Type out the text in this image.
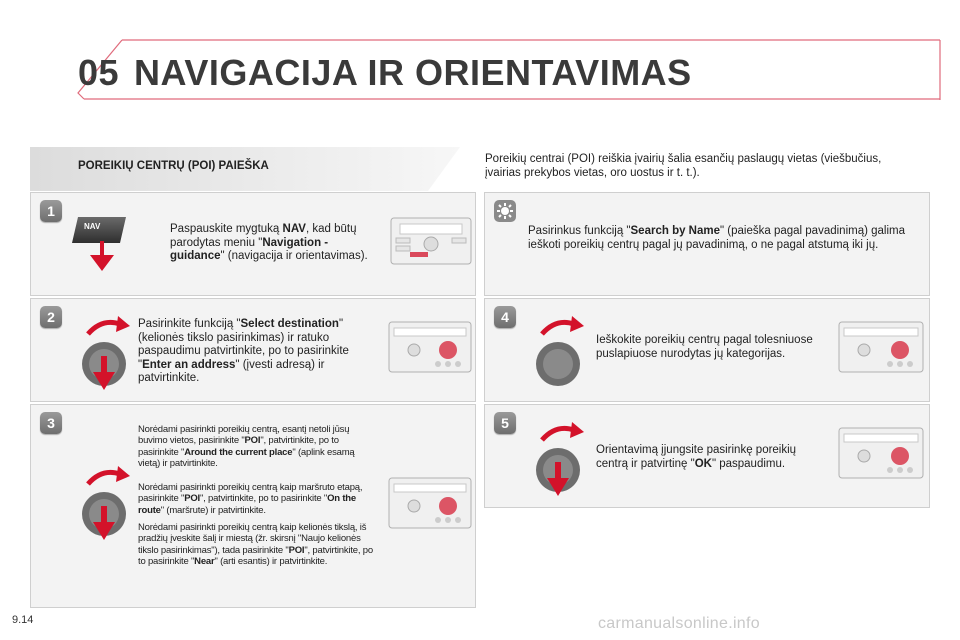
05 NAVIGACIJA IR ORIENTAVIMAS
POREIKIŲ CENTRŲ (POI) PAIEŠKA
Poreikių centrai (POI) reiškia įvairių šalia esančių paslaugų vietas (viešbučius, įvairias prekybos vietas, oro uostus ir t. t.).
1
NAV	Paspauskite mygtuką NAV, kad būtų parodytas meniu "Navigation - guidance" (navigacija ir orientavimas).
2	Pasirinkite funkciją "Select destination" (kelionės tikslo pasirinkimas) ir ratuko paspaudimu patvirtinkite, po to pasirinkite "Enter an address" (įvesti adresą) ir patvirtinkite.
3	Norėdami pasirinkti poreikių centrą, esantį netoli jūsų buvimo vietos, pasirinkite "POI", patvirtinkite, po to pasirinkite "Around the current place" (aplink esamą vietą) ir patvirtinkite.
Norėdami pasirinkti poreikių centrą kaip maršruto etapą, pasirinkite "POI", patvirtinkite, po to pasirinkite "On the route" (maršrute) ir patvirtinkite.
Norėdami pasirinkti poreikių centrą kaip kelionės tikslą, iš pradžių įveskite šalį ir miestą (žr. skirsnį "Naujo kelionės tikslo pasirinkimas"), tada pasirinkite "POI", patvirtinkite, po to pasirinkite "Near" (arti esantis) ir patvirtinkite.
Pasirinkus funkciją "Search by Name" (paieška pagal pavadinimą) galima ieškoti poreikių centrų pagal jų pavadinimą, o ne pagal atstumą iki jų.
4
Ieškokite poreikių centrų pagal tolesniuose puslapiuose nurodytas jų kategorijas.
5
Orientavimą įjungsite pasirinkę poreikių centrą ir patvirtinę "OK" paspaudimu.
9.14	carmanualsonline.info
